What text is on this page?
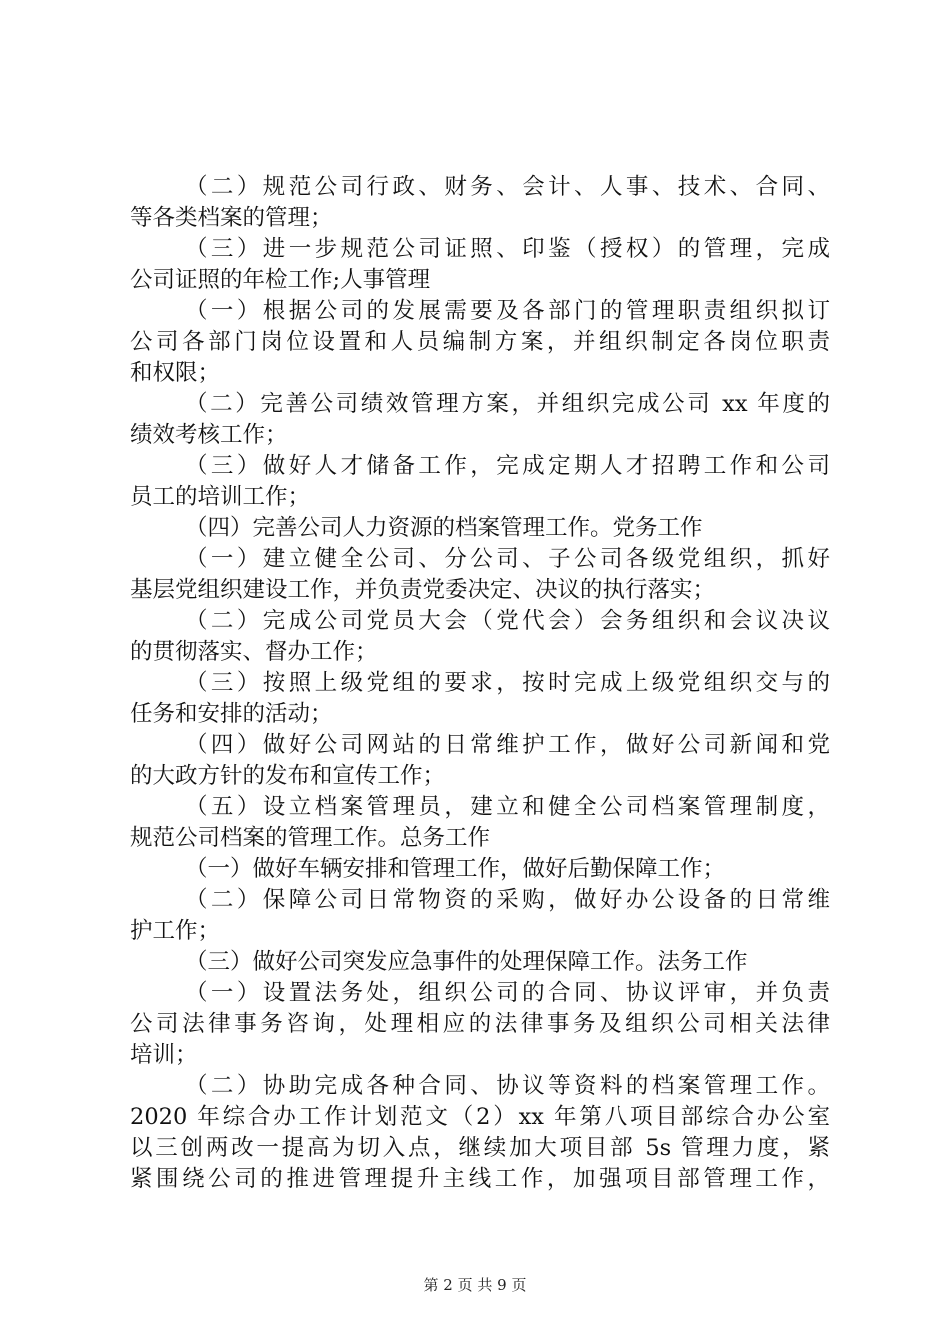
（二）规范公司行政、财务、会计、人事、技术、合同、
等各类档案的管理；
（三）进一步规范公司证照、印鉴（授权）的管理，完成
公司证照的年检工作;人事管理
（一）根据公司的发展需要及各部门的管理职责组织拟订
公司各部门岗位设置和人员编制方案，并组织制定各岗位职责
和权限；
（二）完善公司绩效管理方案，并组织完成公司 xx 年度的
绩效考核工作；
（三）做好人才储备工作，完成定期人才招聘工作和公司
员工的培训工作；
（四）完善公司人力资源的档案管理工作。党务工作
（一）建立健全公司、分公司、子公司各级党组织，抓好
基层党组织建设工作，并负责党委决定、决议的执行落实；
（二）完成公司党员大会（党代会）会务组织和会议决议
的贯彻落实、督办工作；
（三）按照上级党组的要求，按时完成上级党组织交与的
任务和安排的活动；
（四）做好公司网站的日常维护工作，做好公司新闻和党
的大政方针的发布和宣传工作；
（五）设立档案管理员，建立和健全公司档案管理制度，
规范公司档案的管理工作。总务工作
（一）做好车辆安排和管理工作，做好后勤保障工作；
（二）保障公司日常物资的采购，做好办公设备的日常维
护工作；
（三）做好公司突发应急事件的处理保障工作。法务工作
（一）设置法务处，组织公司的合同、协议评审，并负责
公司法律事务咨询，处理相应的法律事务及组织公司相关法律
培训；
（二）协助完成各种合同、协议等资料的档案管理工作。
2020 年综合办工作计划范文（2）xx 年第八项目部综合办公室
以三创两改一提高为切入点，继续加大项目部 5s 管理力度，紧
紧围绕公司的推进管理提升主线工作，加强项目部管理工作，
第 2 页 共 9 页
